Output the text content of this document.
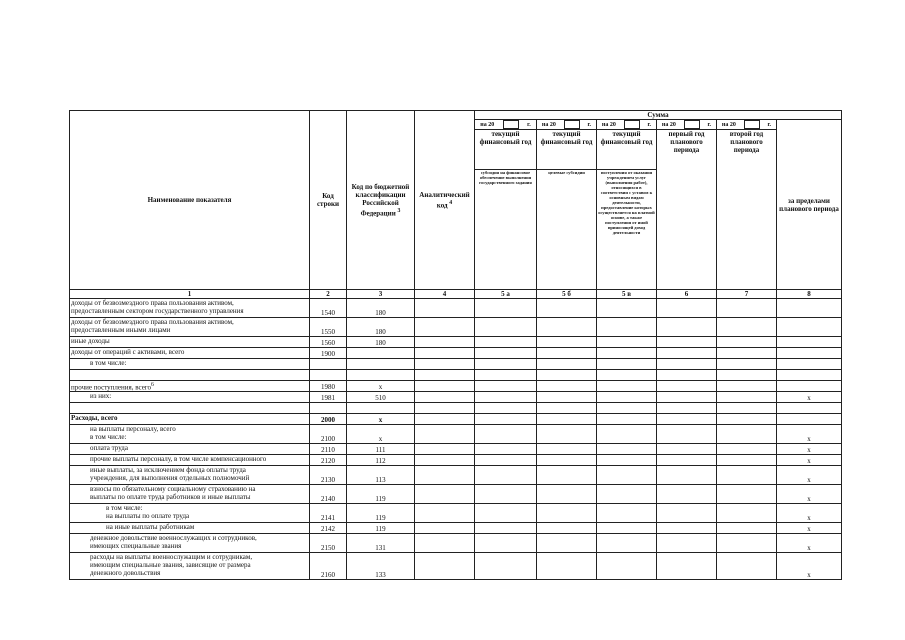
Наименование показателя	Код строки	Код по бюджетной классификации Российской Федерации $^3$	Аналитический код $^4$	Сумма					

				на 20 г.	на 20 г.	на 20 г.	на 20 г.	на 20 г.	за пределами планового периода
				текущий финансовый год	текущий финансовый год	текущий финансовый год	первый год планового периода	второй год планового периода	
				субсидия на финансовое обеспечение выполнения государственного задания	целевые субсидии	поступления от оказания учреждением услуг (выполнения работ), относящихся в соответствии с уставом к основным видам деятельности, предоставление которых осуществляется на платной основе, а также поступления от иной приносящей доход деятельности			
1	2	3	4	5 а	5 б	5 в	6	7	8

доходы от безвозмездного права пользования активом,
предоставленным сектором государственного управления	1540	180							

доходы от безвозмездного права пользования активом,
предоставленным иными лицами	1550	180							

иные доходы	1560	180							

доходы от операций с активами, всего	1900								

в том числе:									

прочие поступления, всего$^6$	1980	x							

из них:	1981	510							x

Расходы, всего	2000	x							

на выплаты персоналу, всего
в том числе:	2100	x							x

оплата труда	2110	111							x

прочие выплаты персоналу, в том числе компенсационного	2120	112							x

иные выплаты, за исключением фонда оплаты труда
учреждения, для выполнения отдельных полномочий	2130	113							x

взносы по обязательному социальному страхованию на
выплаты по оплате труда работников и иные выплаты	2140	119							x

в том числе:
на выплаты по оплате труда	2141	119							x

на иные выплаты работникам	2142	119							x

денежное довольствие военнослужащих и сотрудников,
имеющих специальные звания	2150	131							x

расходы на выплаты военнослужащим и сотрудникам,
имеющим специальные звания, зависящие от размера
денежного довольствия	2160	133							x
